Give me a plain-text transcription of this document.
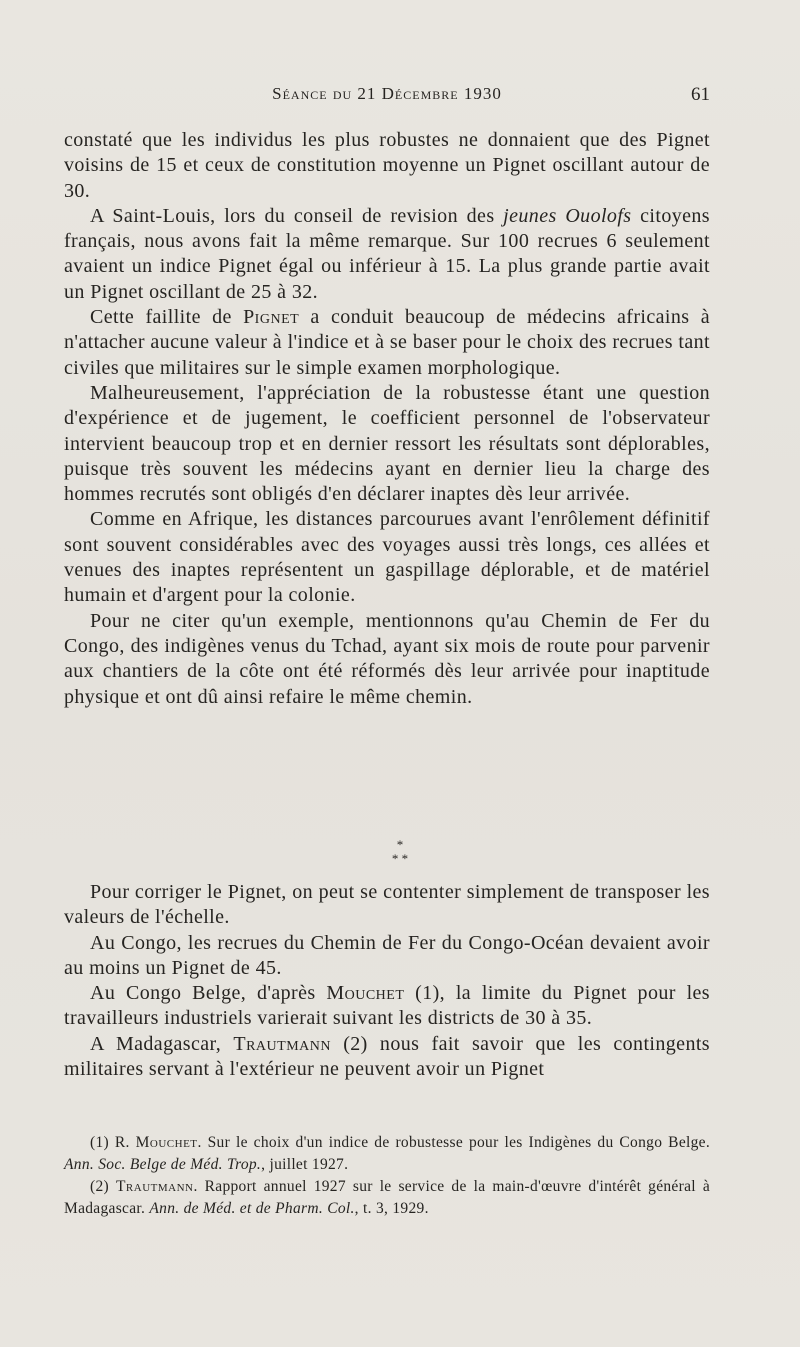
Séance du 21 Décembre 1930	61

constaté que les individus les plus robustes ne donnaient que des Pignet voisins de 15 et ceux de constitution moyenne un Pignet oscillant autour de 30.

A Saint-Louis, lors du conseil de revision des jeunes Ouolofs citoyens français, nous avons fait la même remarque. Sur 100 recrues 6 seulement avaient un indice Pignet égal ou inférieur à 15. La plus grande partie avait un Pignet oscillant de 25 à 32.

Cette faillite de Pignet a conduit beaucoup de médecins africains à n'attacher aucune valeur à l'indice et à se baser pour le choix des recrues tant civiles que militaires sur le simple examen morphologique.

Malheureusement, l'appréciation de la robustesse étant une question d'expérience et de jugement, le coefficient personnel de l'observateur intervient beaucoup trop et en dernier ressort les résultats sont déplorables, puisque très souvent les médecins ayant en dernier lieu la charge des hommes recrutés sont obligés d'en déclarer inaptes dès leur arrivée.

Comme en Afrique, les distances parcourues avant l'enrôlement définitif sont souvent considérables avec des voyages aussi très longs, ces allées et venues des inaptes représentent un gaspillage déplorable, et de matériel humain et d'argent pour la colonie.

Pour ne citer qu'un exemple, mentionnons qu'au Chemin de Fer du Congo, des indigènes venus du Tchad, ayant six mois de route pour parvenir aux chantiers de la côte ont été réformés dès leur arrivée pour inaptitude physique et ont dû ainsi refaire le même chemin.

*
* *

Pour corriger le Pignet, on peut se contenter simplement de transposer les valeurs de l'échelle.

Au Congo, les recrues du Chemin de Fer du Congo-Océan devaient avoir au moins un Pignet de 45.

Au Congo Belge, d'après Mouchet (1), la limite du Pignet pour les travailleurs industriels varierait suivant les districts de 30 à 35.

A Madagascar, Trautmann (2) nous fait savoir que les contingents militaires servant à l'extérieur ne peuvent avoir un Pignet

(1) R. Mouchet. Sur le choix d'un indice de robustesse pour les Indigènes du Congo Belge. Ann. Soc. Belge de Méd. Trop., juillet 1927.

(2) Trautmann. Rapport annuel 1927 sur le service de la main-d'œuvre d'intérêt général à Madagascar. Ann. de Méd. et de Pharm. Col., t. 3, 1929.
